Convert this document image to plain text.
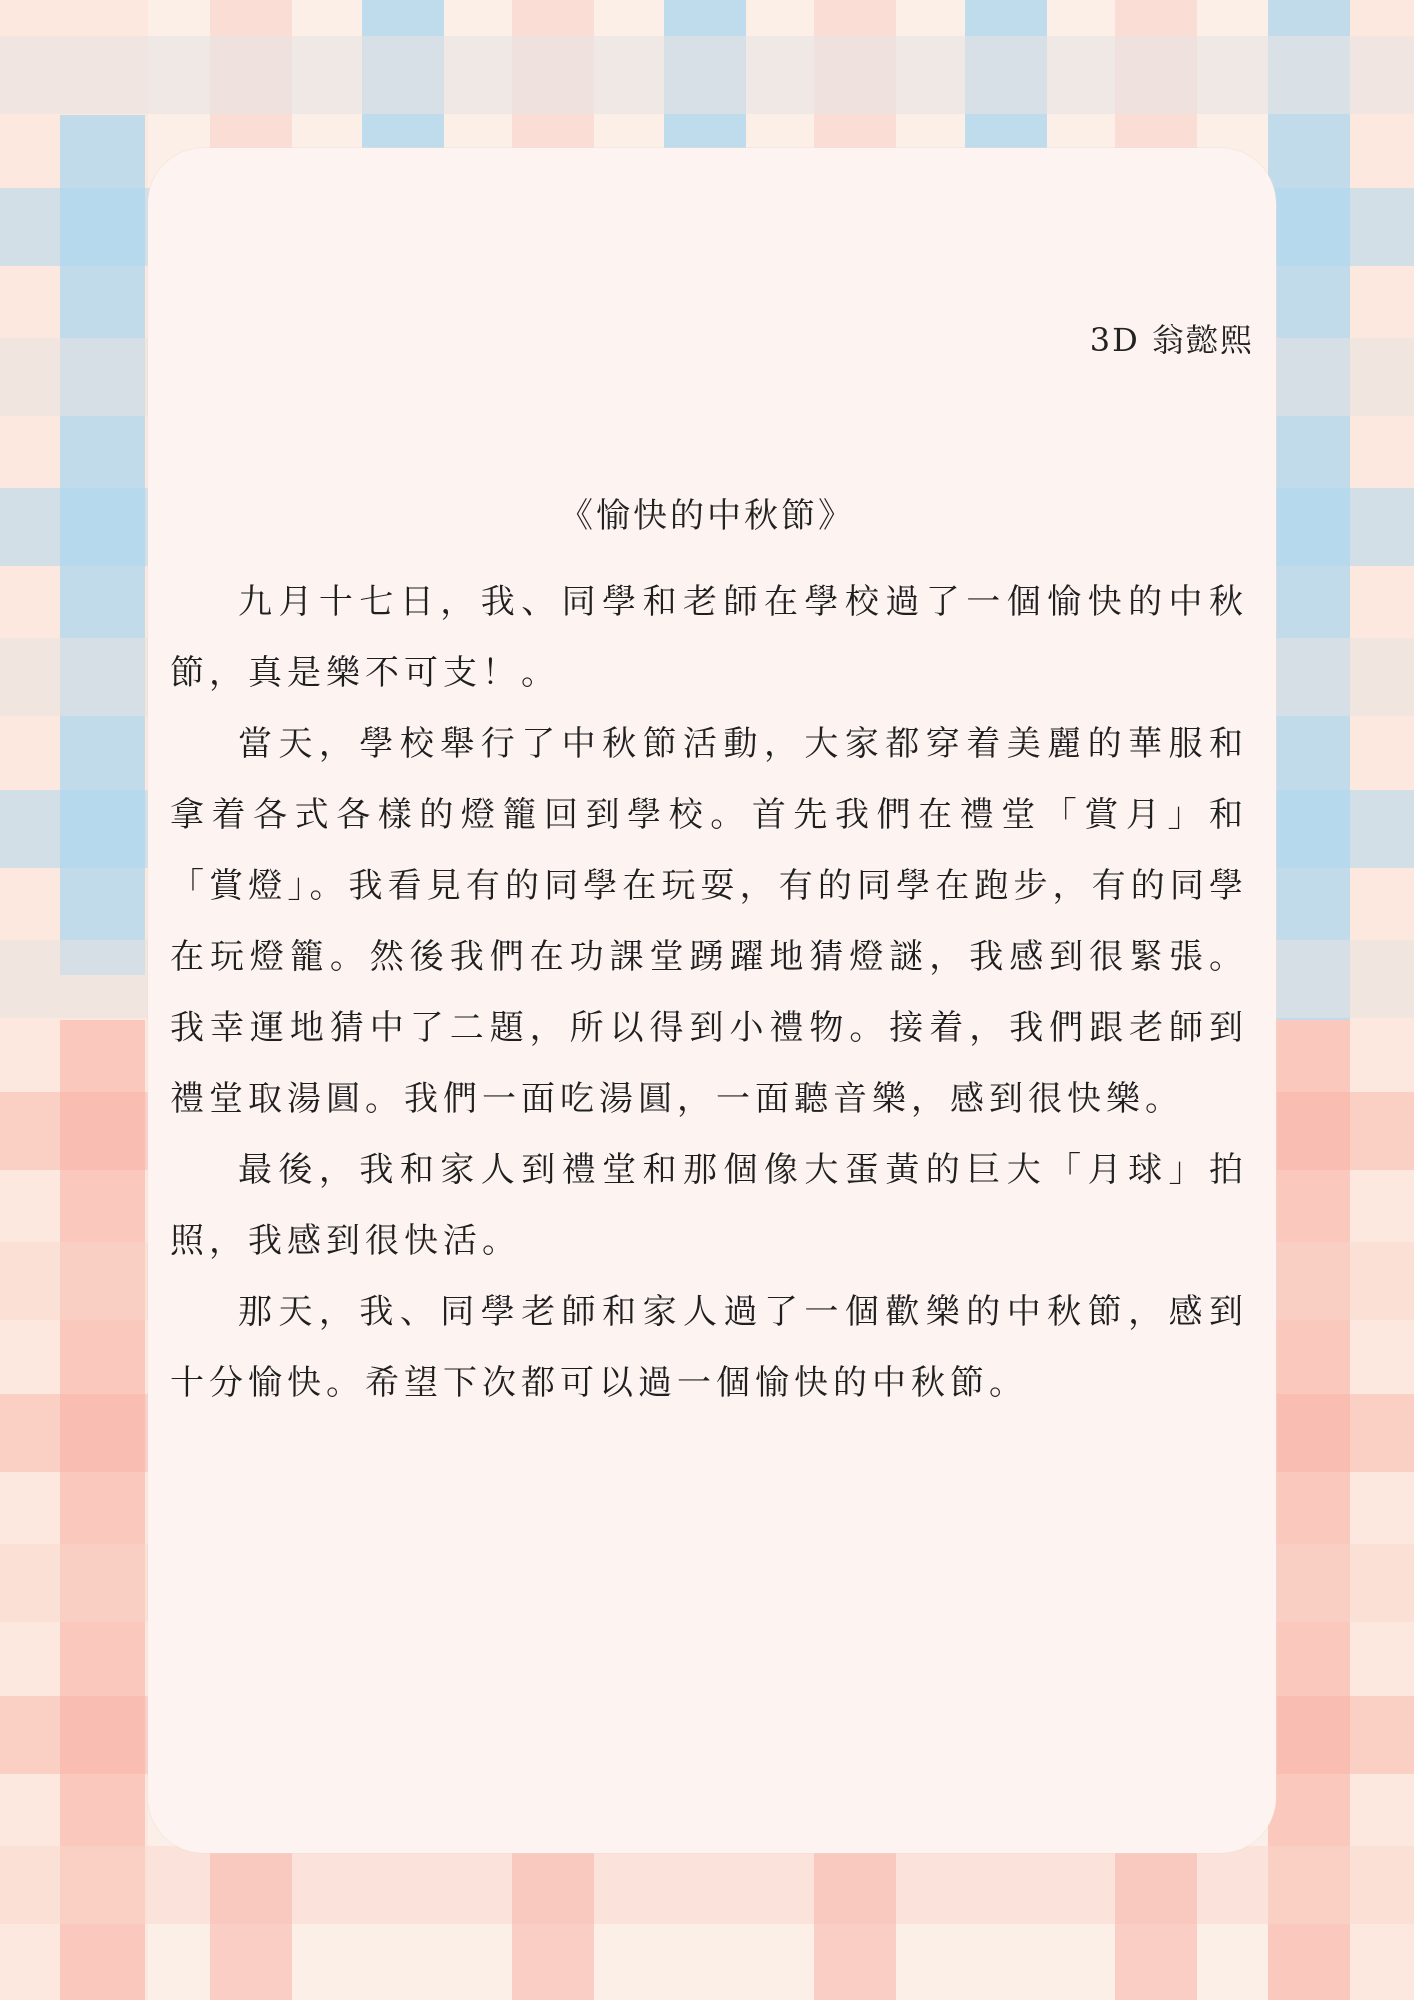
3D 翁懿熙
《愉快的中秋節》

九月十七日，我、同學和老師在學校過了一個愉快的中秋節，真是樂不可支！。

當天，學校舉行了中秋節活動，大家都穿着美麗的華服和拿着各式各樣的燈籠回到學校。首先我們在禮堂「賞月」和「賞燈」。我看見有的同學在玩耍，有的同學在跑步，有的同學在玩燈籠。然後我們在功課堂踴躍地猜燈謎，我感到很緊張。我幸運地猜中了二題，所以得到小禮物。接着，我們跟老師到禮堂取湯圓。我們一面吃湯圓，一面聽音樂，感到很快樂。

最後，我和家人到禮堂和那個像大蛋黃的巨大「月球」拍照，我感到很快活。

那天，我、同學老師和家人過了一個歡樂的中秋節，感到十分愉快。希望下次都可以過一個愉快的中秋節。
